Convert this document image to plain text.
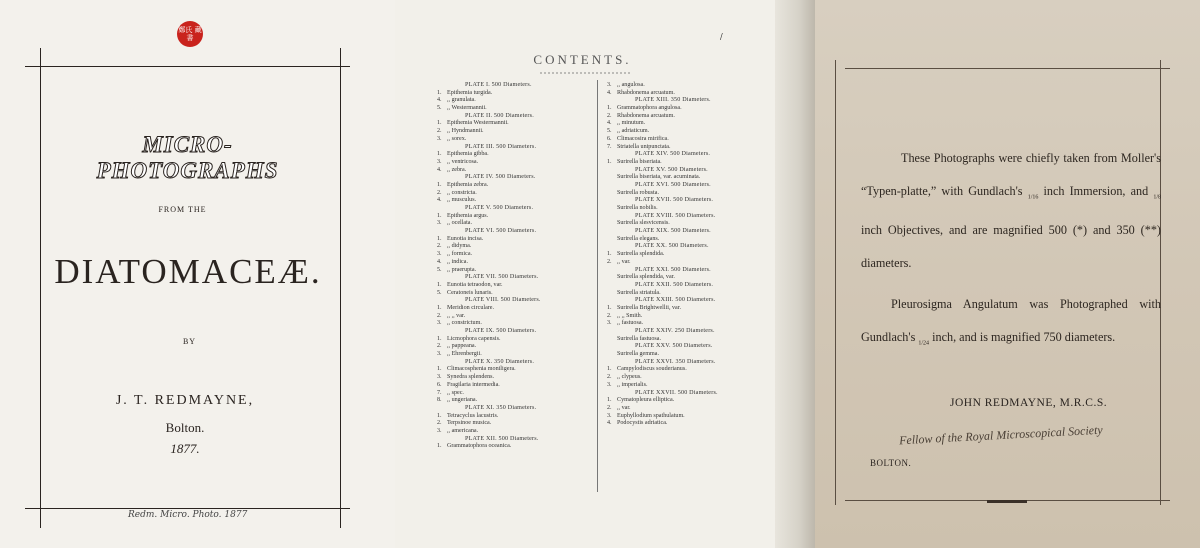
鄭氏 藏書
MICRO-PHOTOGRAPHS
FROM THE
DIATOMACEÆ.
BY
J. T. REDMAYNE,
Bolton.
1877.
Redm. Micro. Photo. 1877
/
CONTENTS.
PLATE I. 500 Diameters.
1. Epithemia turgida.
4. ,, granulata.
5. ,, Westermannii.
PLATE II. 500 Diameters.
1. Epithemia Westermannii.
2. ,, Hyndmannii.
3. ,, sorex.
PLATE III. 500 Diameters.
1. Epithemia gibba.
3. ,, ventricosa.
4. ,, zebra.
PLATE IV. 500 Diameters.
1. Epithemia zebra.
2. ,, constricta.
4. ,, musculus.
PLATE V. 500 Diameters.
1. Epithemia argus.
3. ,, ocellata.
PLATE VI. 500 Diameters.
1. Eunotia incisa.
2. ,, didyma.
3. ,, formica.
4. ,, indica.
5. ,, praerupta.
PLATE VII. 500 Diameters.
1. Eunotia tetraodon, var.
5. Ceratoneis lunaris.
PLATE VIII. 500 Diameters.
1. Meridion circulare.
2. ,, ,, var.
3. ,, constrictum.
PLATE IX. 500 Diameters.
1. Licmophora capensis.
2. ,, pappeana.
3. ,, Ehrenbergii.
PLATE X. 350 Diameters.
1. Climacosphenia moniligera.
3. Synedra splendens.
6. Fragilaria intermedia.
7. ,, spec.
8. ,, ungeriana.
PLATE XI. 350 Diameters.
1. Tetracyclus lacustris.
2. Terpsinoe musica.
3. ,, americana.
PLATE XII. 500 Diameters.
1. Grammatophora oceanica.
3. ,, angulosa.
4. Rhabdonema arcuatum.
PLATE XIII. 350 Diameters.
1. Grammatophora angulosa.
2. Rhabdonema arcuatum.
4. ,, minutum.
5. ,, adriaticum.
6. Climacosira mirifica.
7. Striatella unipunctata.
PLATE XIV. 500 Diameters.
1. Surirella biseriata.
PLATE XV. 500 Diameters.
Surirella biseriata, var. acuminata.
PLATE XVI. 500 Diameters.
Surirella robusta.
PLATE XVII. 500 Diameters.
Surirella nobilis.
PLATE XVIII. 500 Diameters.
Surirella slesvicensis.
PLATE XIX. 500 Diameters.
Surirella elegans.
PLATE XX. 500 Diameters.
1. Surirella splendida.
2. ,, var.
PLATE XXI. 500 Diameters.
Surirella splendida, var.
PLATE XXII. 500 Diameters.
Surirella striatula.
PLATE XXIII. 500 Diameters.
1. Surirella Brightwellii, var.
2. ,, ,, Smith.
3. ,, fastuosa.
PLATE XXIV. 250 Diameters.
Surirella fastuosa.
PLATE XXV. 500 Diameters.
Surirella gemma.
PLATE XXVI. 350 Diameters.
1. Campylodiscus souderianus.
2. ,, clypeus.
3. ,, imperialis.
PLATE XXVII. 500 Diameters.
1. Cymatopleura elliptica.
2. ,, var.
3. Euphyllodium spathulatum.
4. Podocystis adriatica.
These Photographs were chiefly taken from Moller's “Typen-platte,” with Gundlach's $_{1/16}$ inch Immersion, and $_{1/8}$ inch Objectives, and are magnified 500 (*) and 350 (**) diameters.
Pleurosigma Angulatum was Photographed with Gundlach's $_{1/24}$ inch, and is magnified 750 diameters.
JOHN REDMAYNE, M.R.C.S.
Fellow of the Royal Microscopical Society
BOLTON.
